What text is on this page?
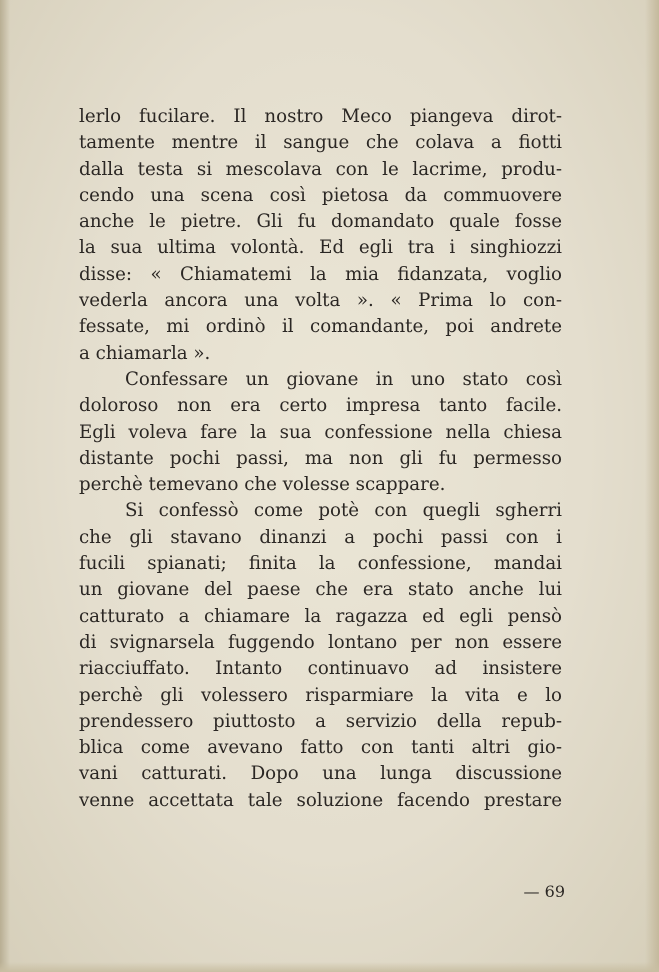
lerlo fucilare. Il nostro Meco piangeva dirot-
tamente mentre il sangue che colava a fiotti
dalla testa si mescolava con le lacrime, produ-
cendo una scena così pietosa da commuovere
anche le pietre. Gli fu domandato quale fosse
la sua ultima volontà. Ed egli tra i singhiozzi
disse: « Chiamatemi la mia fidanzata, voglio
vederla ancora una volta ». « Prima lo con-
fessate, mi ordinò il comandante, poi andrete
a chiamarla ».
Confessare un giovane in uno stato così
doloroso non era certo impresa tanto facile.
Egli voleva fare la sua confessione nella chiesa
distante pochi passi, ma non gli fu permesso
perchè temevano che volesse scappare.
Si confessò come potè con quegli sgherri
che gli stavano dinanzi a pochi passi con i
fucili spianati; finita la confessione, mandai
un giovane del paese che era stato anche lui
catturato a chiamare la ragazza ed egli pensò
di svignarsela fuggendo lontano per non essere
riacciuffato. Intanto continuavo ad insistere
perchè gli volessero risparmiare la vita e lo
prendessero piuttosto a servizio della repub-
blica come avevano fatto con tanti altri gio-
vani catturati. Dopo una lunga discussione
venne accettata tale soluzione facendo prestare
— 69
